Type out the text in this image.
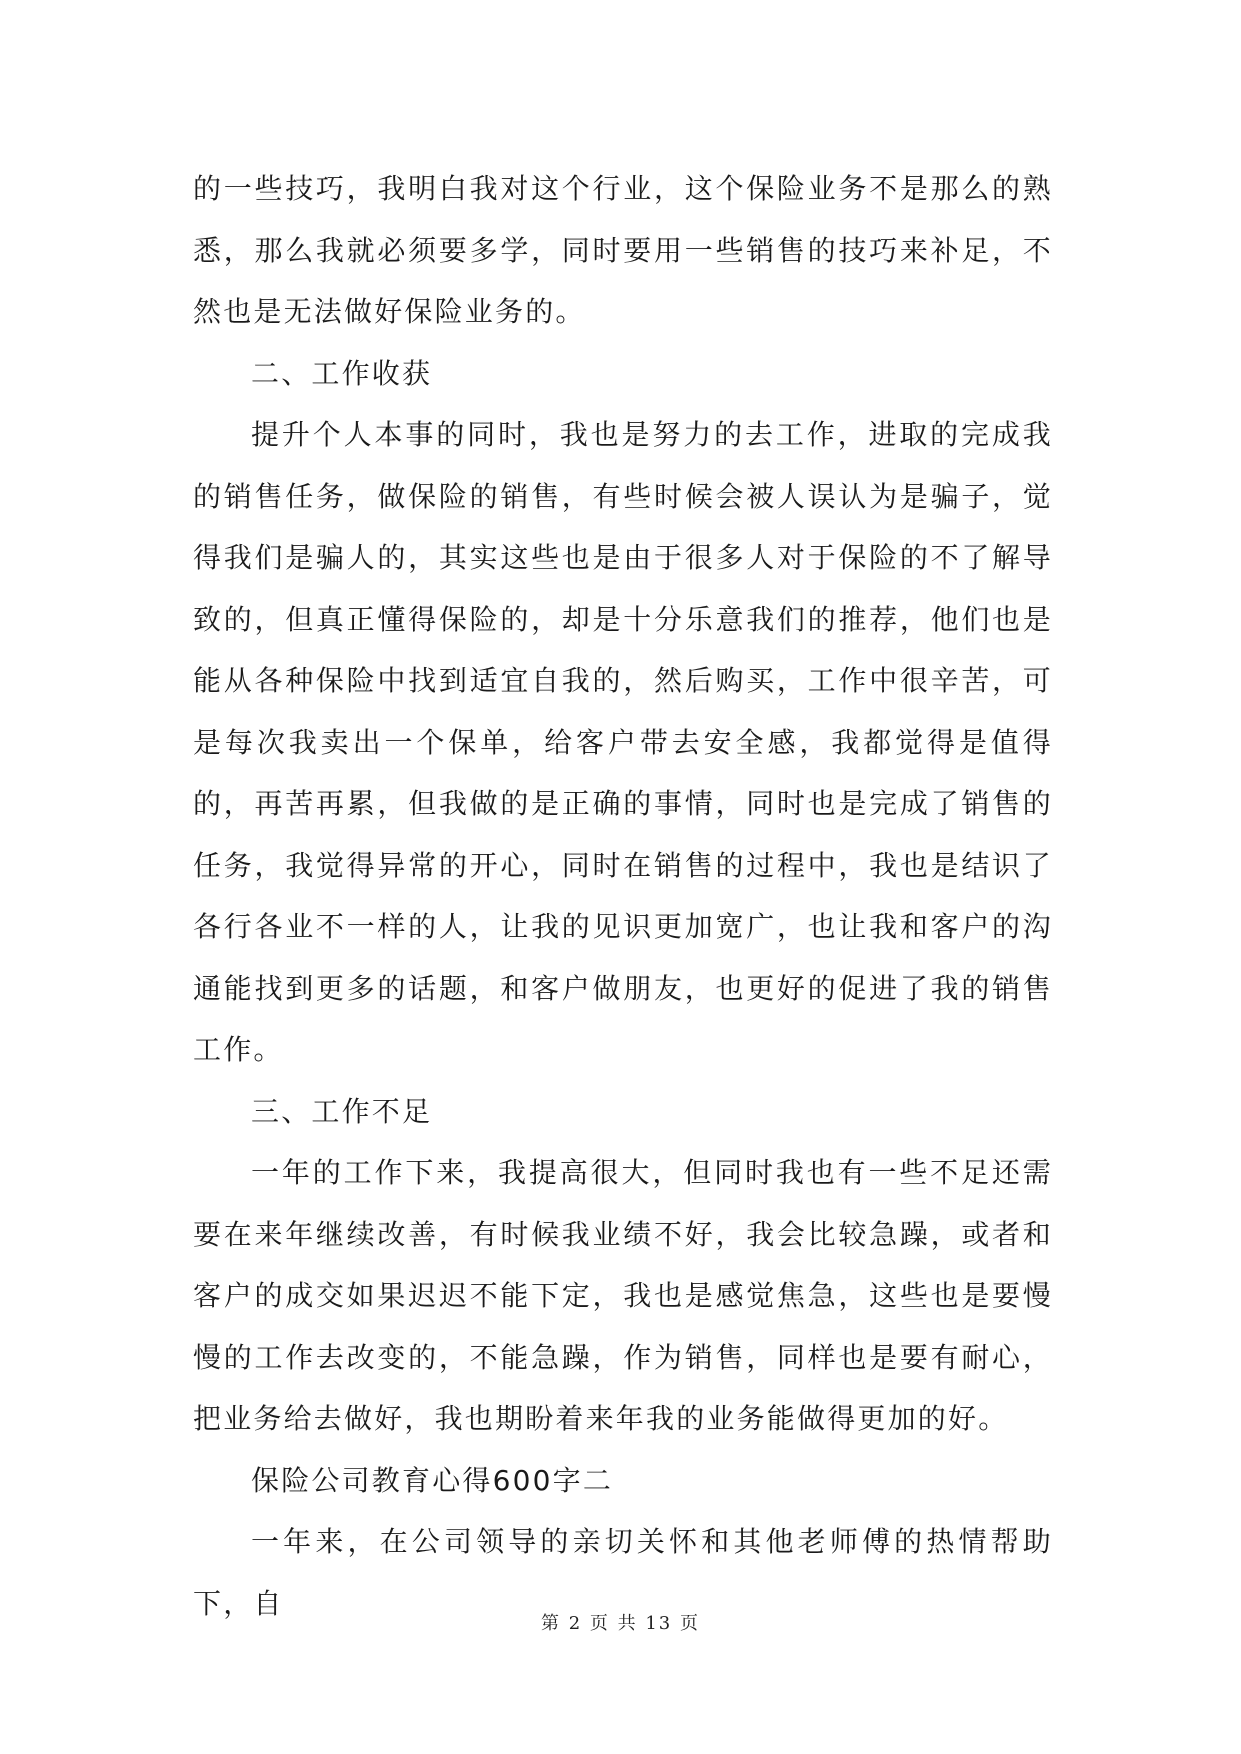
的一些技巧，我明白我对这个行业，这个保险业务不是那么的熟悉，那么我就必须要多学，同时要用一些销售的技巧来补足，不然也是无法做好保险业务的。

二、工作收获

提升个人本事的同时，我也是努力的去工作，进取的完成我的销售任务，做保险的销售，有些时候会被人误认为是骗子，觉得我们是骗人的，其实这些也是由于很多人对于保险的不了解导致的，但真正懂得保险的，却是十分乐意我们的推荐，他们也是能从各种保险中找到适宜自我的，然后购买，工作中很辛苦，可是每次我卖出一个保单，给客户带去安全感，我都觉得是值得的，再苦再累，但我做的是正确的事情，同时也是完成了销售的任务，我觉得异常的开心，同时在销售的过程中，我也是结识了各行各业不一样的人，让我的见识更加宽广，也让我和客户的沟通能找到更多的话题，和客户做朋友，也更好的促进了我的销售工作。

三、工作不足

一年的工作下来，我提高很大，但同时我也有一些不足还需要在来年继续改善，有时候我业绩不好，我会比较急躁，或者和客户的成交如果迟迟不能下定，我也是感觉焦急，这些也是要慢慢的工作去改变的，不能急躁，作为销售，同样也是要有耐心，把业务给去做好，我也期盼着来年我的业务能做得更加的好。

保险公司教育心得600字二

一年来，在公司领导的亲切关怀和其他老师傅的热情帮助下，自

第 2 页 共 13 页
